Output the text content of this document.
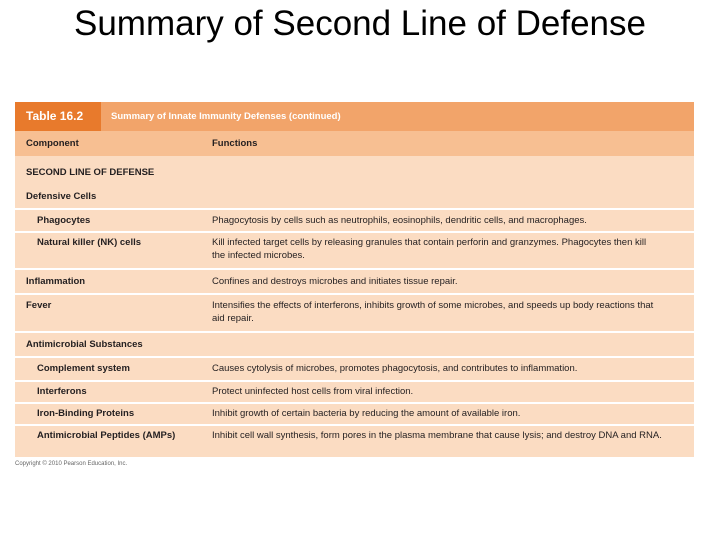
Summary of Second Line of Defense
Table 16.2	Summary of Innate Immunity Defenses (continued)
Component	Functions
SECOND LINE OF DEFENSE
Defensive Cells
Phagocytes	Phagocytosis by cells such as neutrophils, eosinophils, dendritic cells, and macrophages.
Natural killer (NK) cells	Kill infected target cells by releasing granules that contain perforin and granzymes. Phagocytes then kill
the infected microbes.
Inflammation	Confines and destroys microbes and initiates tissue repair.
Fever	Intensifies the effects of interferons, inhibits growth of some microbes, and speeds up body reactions that
aid repair.
Antimicrobial Substances
Complement system	Causes cytolysis of microbes, promotes phagocytosis, and contributes to inflammation.
Interferons	Protect uninfected host cells from viral infection.
Iron-Binding Proteins	Inhibit growth of certain bacteria by reducing the amount of available iron.
Antimicrobial Peptides (AMPs)	Inhibit cell wall synthesis, form pores in the plasma membrane that cause lysis; and destroy DNA and RNA.
Copyright © 2010 Pearson Education, Inc.
